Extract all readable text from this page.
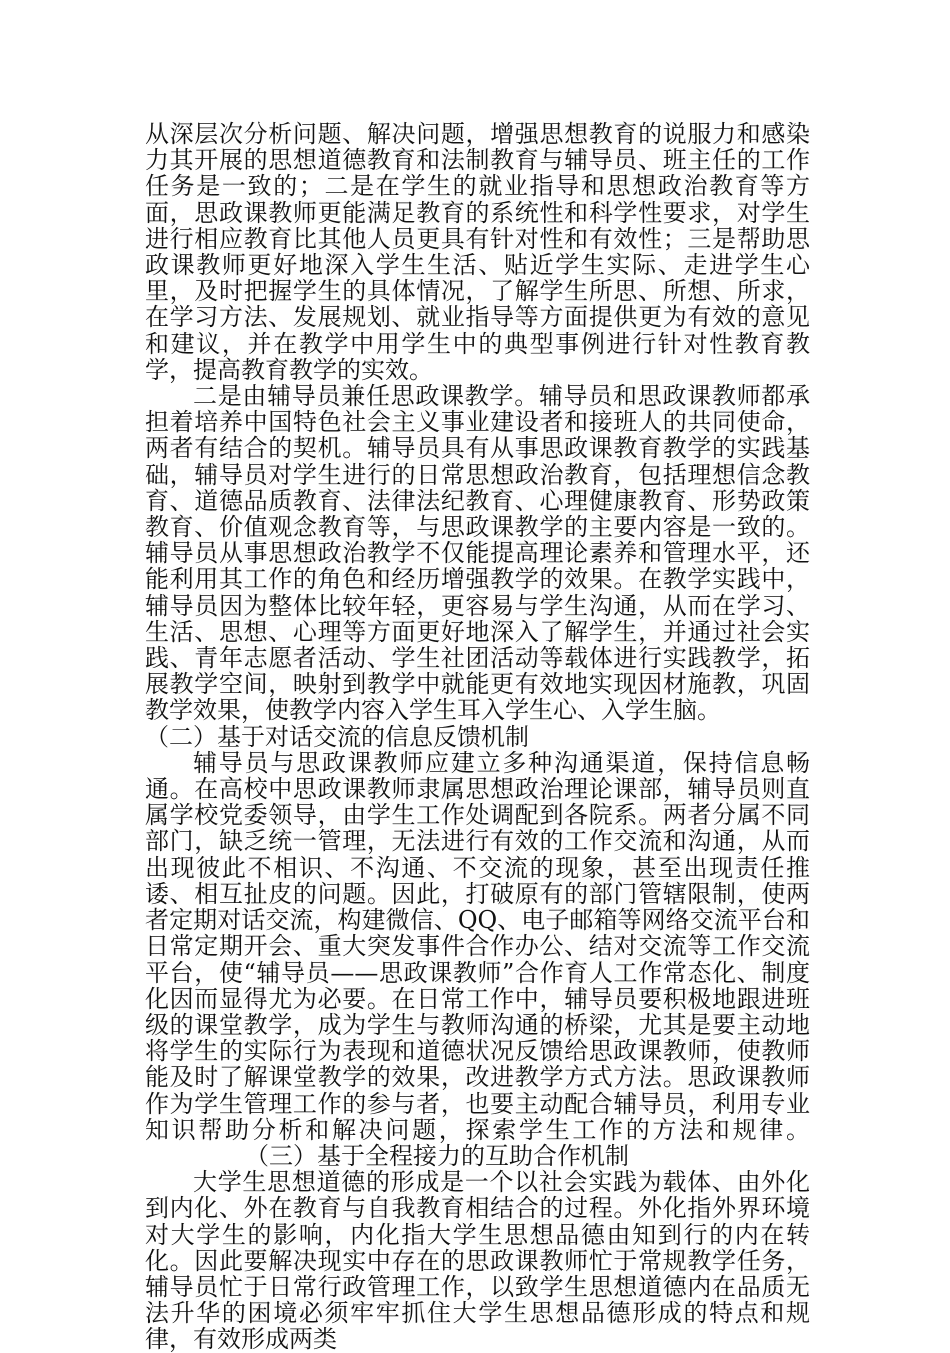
从深层次分析问题、解决问题，增强思想教育的说服力和感染力其开展的思想道德教育和法制教育与辅导员、班主任的工作任务是一致的；二是在学生的就业指导和思想政治教育等方面，思政课教师更能满足教育的系统性和科学性要求，对学生进行相应教育比其他人员更具有针对性和有效性；三是帮助思政课教师更好地深入学生生活、贴近学生实际、走进学生心里，及时把握学生的具体情况，了解学生所思、所想、所求，在学习方法、发展规划、就业指导等方面提供更为有效的意见和建议，并在教学中用学生中的典型事例进行针对性教育教学，提高教育教学的实效。

二是由辅导员兼任思政课教学。辅导员和思政课教师都承担着培养中国特色社会主义事业建设者和接班人的共同使命，两者有结合的契机。辅导员具有从事思政课教育教学的实践基础，辅导员对学生进行的日常思想政治教育，包括理想信念教育、道德品质教育、法律法纪教育、心理健康教育、形势政策教育、价值观念教育等，与思政课教学的主要内容是一致的。辅导员从事思想政治教学不仅能提高理论素养和管理水平，还能利用其工作的角色和经历增强教学的效果。在教学实践中，辅导员因为整体比较年轻，更容易与学生沟通，从而在学习、生活、思想、心理等方面更好地深入了解学生，并通过社会实践、青年志愿者活动、学生社团活动等载体进行实践教学，拓展教学空间，映射到教学中就能更有效地实现因材施教，巩固教学效果，使教学内容入学生耳入学生心、入学生脑。

（二）基于对话交流的信息反馈机制

辅导员与思政课教师应建立多种沟通渠道，保持信息畅通。在高校中思政课教师隶属思想政治理论课部，辅导员则直属学校党委领导，由学生工作处调配到各院系。两者分属不同部门，缺乏统一管理，无法进行有效的工作交流和沟通，从而出现彼此不相识、不沟通、不交流的现象，甚至出现责任推诿、相互扯皮的问题。因此，打破原有的部门管辖限制，使两者定期对话交流，构建微信、QQ、电子邮箱等网络交流平台和日常定期开会、重大突发事件合作办公、结对交流等工作交流平台，使“辅导员——思政课教师”合作育人工作常态化、制度化因而显得尤为必要。在日常工作中，辅导员要积极地跟进班级的课堂教学，成为学生与教师沟通的桥梁，尤其是要主动地将学生的实际行为表现和道德状况反馈给思政课教师，使教师能及时了解课堂教学的效果，改进教学方式方法。思政课教师作为学生管理工作的参与者，也要主动配合辅导员，利用专业知识帮助分析和解决问题，探索学生工作的方法和规律。（三）基于全程接力的互助合作机制

大学生思想道德的形成是一个以社会实践为载体、由外化到内化、外在教育与自我教育相结合的过程。外化指外界环境对大学生的影响，内化指大学生思想品德由知到行的内在转化。因此要解决现实中存在的思政课教师忙于常规教学任务，辅导员忙于日常行政管理工作，以致学生思想道德内在品质无法升华的困境必须牢牢抓住大学生思想品德形成的特点和规律，有效形成两类
